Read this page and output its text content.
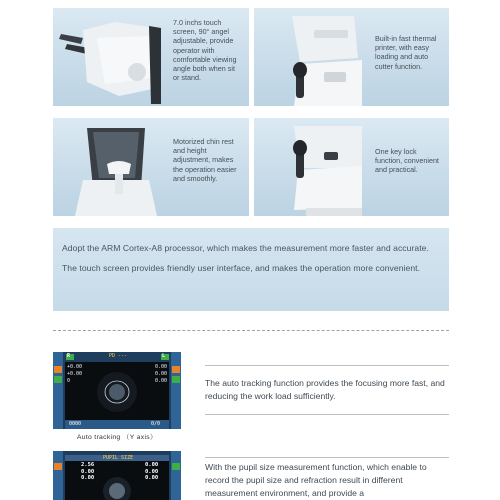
7.0 inchs touch screen, 90° angel adjustable, provide operator with comfortable viewing angle both when sit or stand.
Built-in fast thermal printer, with easy loading and auto cutter function.
Motorized chin rest and height adjustment, makes the operation easier and smoothly.
One key lock function, convenient and practical.
Adopt the ARM Cortex-A8 processor, which makes the measurement more faster and accurate. The touch screen provides friendly user interface, and makes the operation more convenient.
R	L
PD ---
+0.00
+0.00
0
0.00
0.00
0.00
0000	0/0
Auto tracking （Y axis）
The auto tracking function provides the focusing more fast, and reducing the work load sufficiently.
PUPIL SIZE
2.56
0.00
0.00
0.00
0.00
0.00
With the pupil size measurement function, which enable to record the pupil size and refraction result in different measurement environment, and provide a
